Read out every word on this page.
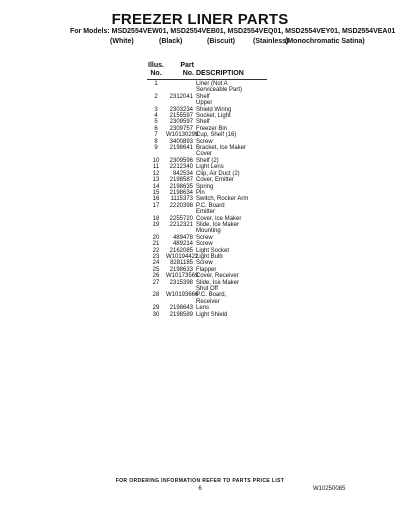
FREEZER LINER PARTS
For Models: MSD2554VEW01, MSD2554VEB01, MSD2554VEQ01, MSD2554VEY01, MSD2554VEA01
(White)	(Black)	(Biscuit)	(Stainless)
(Monochromatic Satina)
Illus.
No.
Part
No. DESCRIPTION
1	Liner (Not A
Serviceable Part)
2	2312041 Shelf
Upper
3	2303234 Shield Wiring
4	2155597 Socket, Light
5	2309597 Shelf
6	2309757 Freezer Bin
7	W10130299
Cup, Shelf (16)
8	3400893 Screw
9	2198641 Bracket, Ice Maker
Cover
10	2309596 Shelf (2)
11	2212340 Light Lens
12	842534 Clip, Air Duct (2)
13	2198587 Cover, Emitter
14	2198635 Spring
15	2198634 Pin
16	1115373 Switch, Rocker Arm
17	2220398 P.C. Board
Emitter
18	2255720 Cover, Ice Maker
19	2212321 Slide, Ice Maker
Mounting
20	489478 Screw
21	489214 Screw
22	2162085 Light Socket
23	W10194422
Light Bulb
24	8281185 Screw
25	2198633 Flapper
26	W10173569
Cover, Receiver
27	2315398 Slide, Ice Maker
Shut Off
28	W10193666
P.C. Board,
Receiver
29	2198643 Lens
30	2198589 Light Shield
FOR ORDERING INFORMATION REFER TO PARTS PRICE LIST
6	W10250085
